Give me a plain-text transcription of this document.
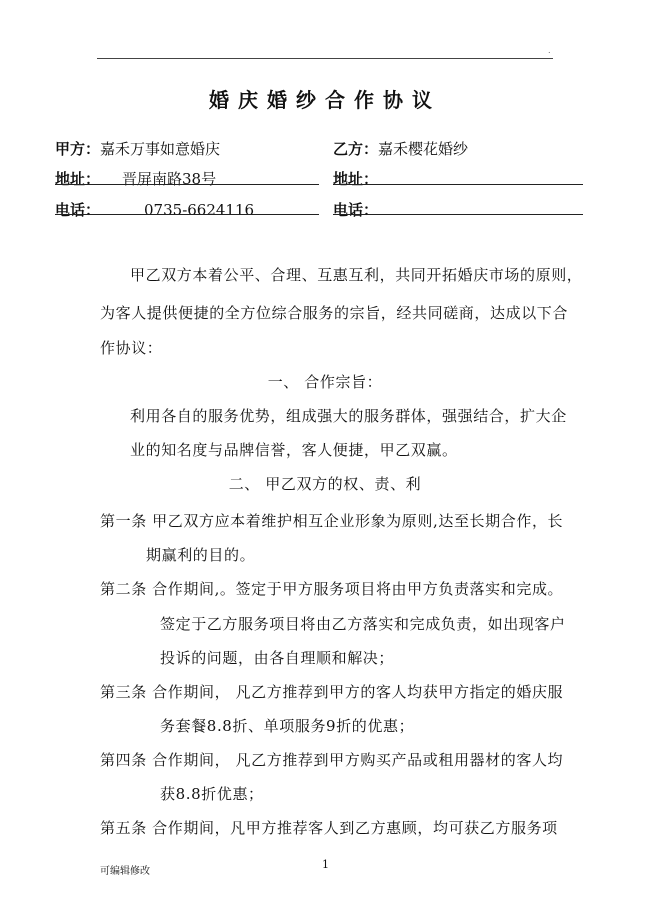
.
婚庆婚纱合作协议
甲方：嘉禾万事如意婚庆
地址： 晋屏南路38号
电话：	0735-6624116
乙方：嘉禾樱花婚纱
地址：
电话：
甲乙双方本着公平、合理、互惠互利，共同开拓婚庆市场的原则，
为客人提供便捷的全方位综合服务的宗旨，经共同磋商，达成以下合
作协议：
一、 合作宗旨：
利用各自的服务优势，组成强大的服务群体，强强结合，扩大企
业的知名度与品牌信誉，客人便捷，甲乙双赢。
二、 甲乙双方的权、责、利
第一条 甲乙双方应本着维护相互企业形象为原则,达至长期合作，长
期赢利的目的。
第二条 合作期间,。签定于甲方服务项目将由甲方负责落实和完成。
签定于乙方服务项目将由乙方落实和完成负责，如出现客户
投诉的问题，由各自理顺和解决；
第三条 合作期间， 凡乙方推荐到甲方的客人均获甲方指定的婚庆服
务套餐8.8折、单项服务9折的优惠；
第四条 合作期间， 凡乙方推荐到甲方购买产品或租用器材的客人均
获8.8折优惠；
第五条 合作期间，凡甲方推荐客人到乙方惠顾，均可获乙方服务项
可编辑修改
1
